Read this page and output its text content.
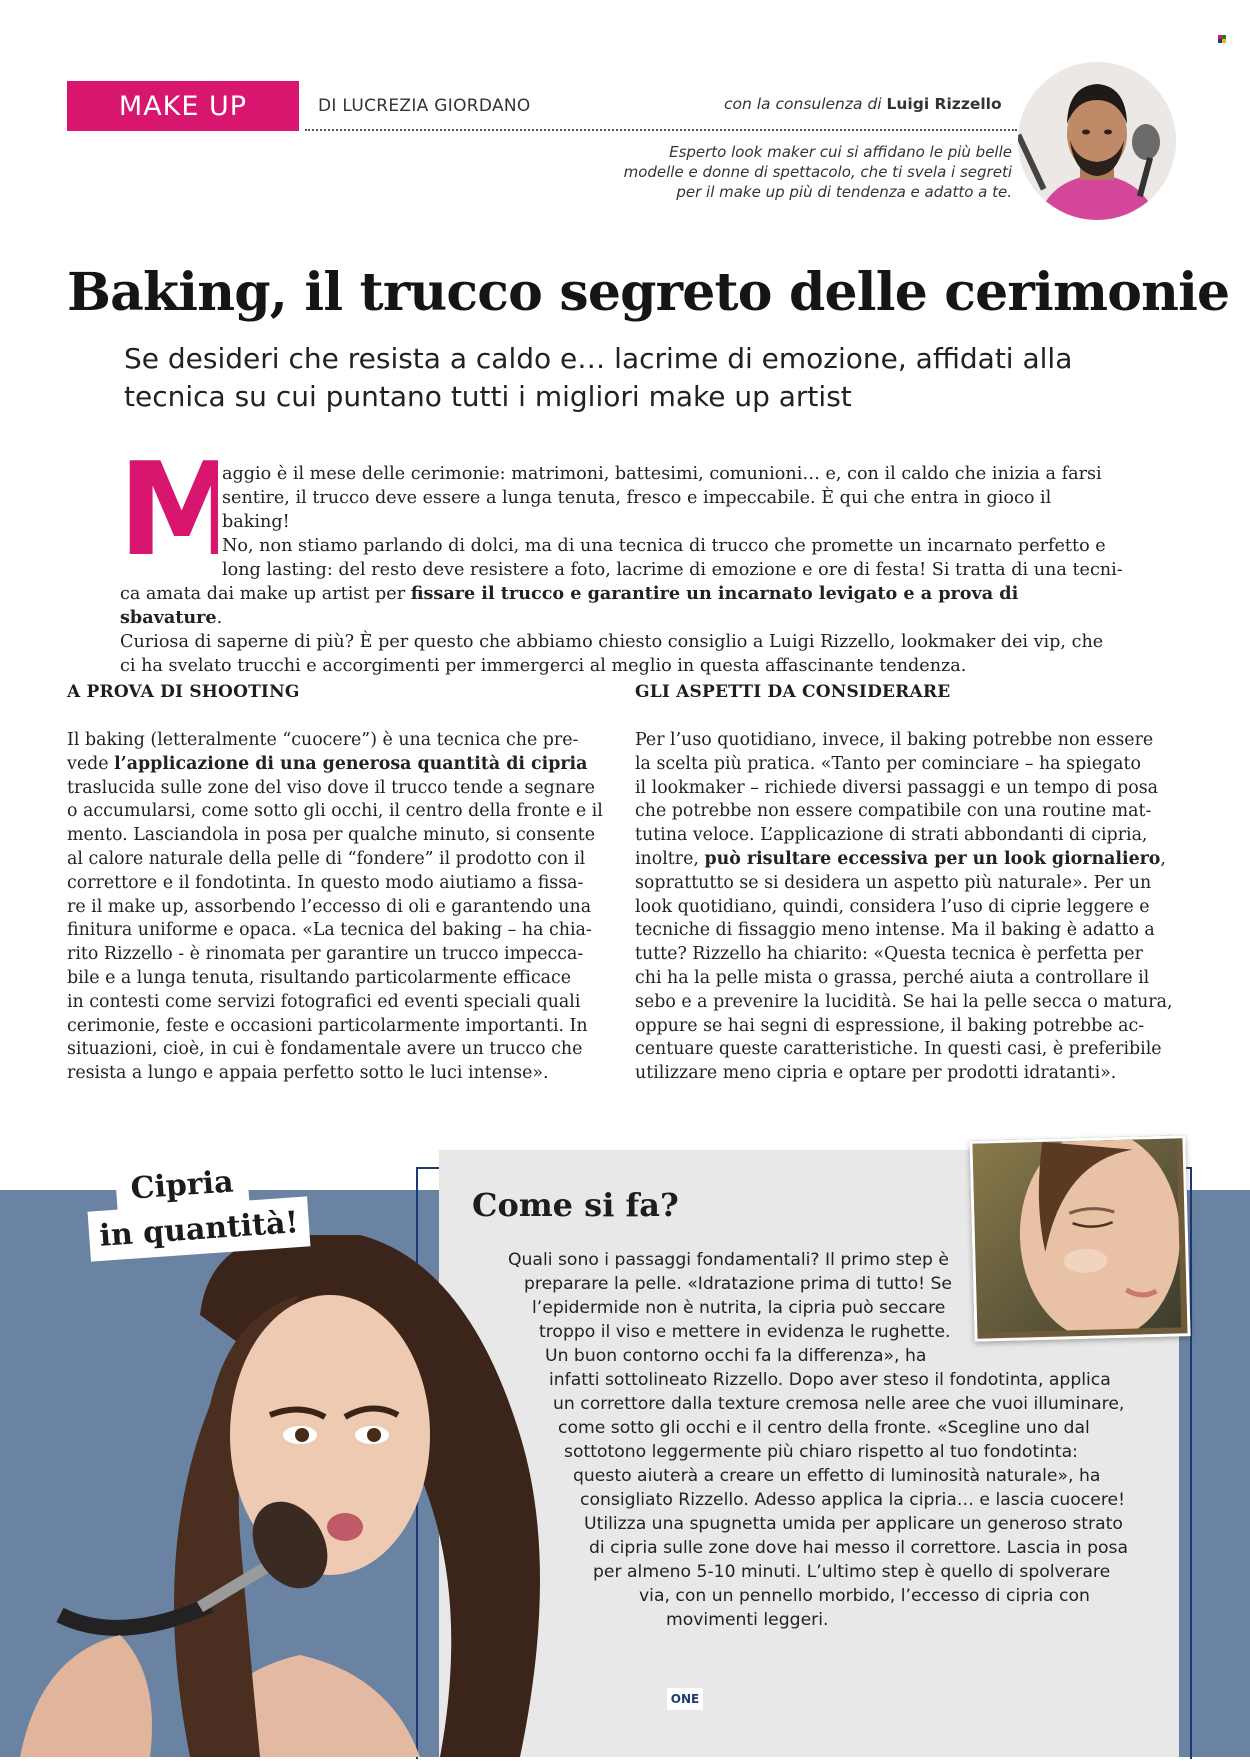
MAKE UP	DI LUCREZIA GIORDANO	con la consulenza di Luigi Rizzello
Esperto look maker cui si affidano le più belle
modelle e donne di spettacolo, che ti svela i segreti
per il make up più di tendenza e adatto a te.
Baking, il trucco segreto delle cerimonie
Se desideri che resista a caldo e… lacrime di emozione, affidati alla tecnica su cui puntano tutti i migliori make up artist
M

aggio è il mese delle cerimonie: matrimoni, battesimi, comunioni… e, con il caldo che inizia a farsi

sentire, il trucco deve essere a lunga tenuta, fresco e impeccabile. È qui che entra in gioco il baking!

No, non stiamo parlando di dolci, ma di una tecnica di trucco che promette un incarnato perfetto e

long lasting: del resto deve resistere a foto, lacrime di emozione e ore di festa! Si tratta di una tecni-

ca amata dai make up artist per fissare il trucco e garantire un incarnato levigato e a prova di sbavature.

Curiosa di saperne di più? È per questo che abbiamo chiesto consiglio a Luigi Rizzello, lookmaker dei vip, che

ci ha svelato trucchi e accorgimenti per immergerci al meglio in questa affascinante tendenza.

A PROVA DI SHOOTING

Il baking (letteralmente “cuocere”) è una tecnica che pre-

vede l’applicazione di una generosa quantità di cipria

traslucida sulle zone del viso dove il trucco tende a segnare

o accumularsi, come sotto gli occhi, il centro della fronte e il

mento. Lasciandola in posa per qualche minuto, si consente

al calore naturale della pelle di “fondere” il prodotto con il

correttore e il fondotinta. In questo modo aiutiamo a fissa-

re il make up, assorbendo l’eccesso di oli e garantendo una

finitura uniforme e opaca. «La tecnica del baking – ha chia-

rito Rizzello - è rinomata per garantire un trucco impecca-

bile e a lunga tenuta, risultando particolarmente efficace

in contesti come servizi fotografici ed eventi speciali quali

cerimonie, feste e occasioni particolarmente importanti. In

situazioni, cioè, in cui è fondamentale avere un trucco che

resista a lungo e appaia perfetto sotto le luci intense».

GLI ASPETTI DA CONSIDERARE

Per l’uso quotidiano, invece, il baking potrebbe non essere

la scelta più pratica. «Tanto per cominciare – ha spiegato

il lookmaker – richiede diversi passaggi e un tempo di posa

che potrebbe non essere compatibile con una routine mat-

tutina veloce. L’applicazione di strati abbondanti di cipria,

inoltre, può risultare eccessiva per un look giornaliero,

soprattutto se si desidera un aspetto più naturale». Per un

look quotidiano, quindi, considera l’uso di ciprie leggere e

tecniche di fissaggio meno intense. Ma il baking è adatto a

tutte? Rizzello ha chiarito: «Questa tecnica è perfetta per

chi ha la pelle mista o grassa, perché aiuta a controllare il

sebo e a prevenire la lucidità. Se hai la pelle secca o matura,

oppure se hai segni di espressione, il baking potrebbe ac-

centuare queste caratteristiche. In questi casi, è preferibile

utilizzare meno cipria e optare per prodotti idratanti».

Come si fa?
Cipria
in quantità!
Quali sono i passaggi fondamentali? Il primo step è
preparare la pelle. «Idratazione prima di tutto! Se
l’epidermide non è nutrita, la cipria può seccare
troppo il viso e mettere in evidenza le rughette.
Un buon contorno occhi fa la differenza», ha
infatti sottolineato Rizzello. Dopo aver steso il fondotinta, applica
un correttore dalla texture cremosa nelle aree che vuoi illuminare,
come sotto gli occhi e il centro della fronte. «Scegline uno dal
sottotono leggermente più chiaro rispetto al tuo fondotinta:
questo aiuterà a creare un effetto di luminosità naturale», ha
consigliato Rizzello. Adesso applica la cipria… e lascia cuocere!
Utilizza una spugnetta umida per applicare un generoso strato
di cipria sulle zone dove hai messo il correttore. Lascia in posa
per almeno 5-10 minuti. L’ultimo step è quello di spolverare
via, con un pennello morbido, l’eccesso di cipria con
movimenti leggeri.
ONE
